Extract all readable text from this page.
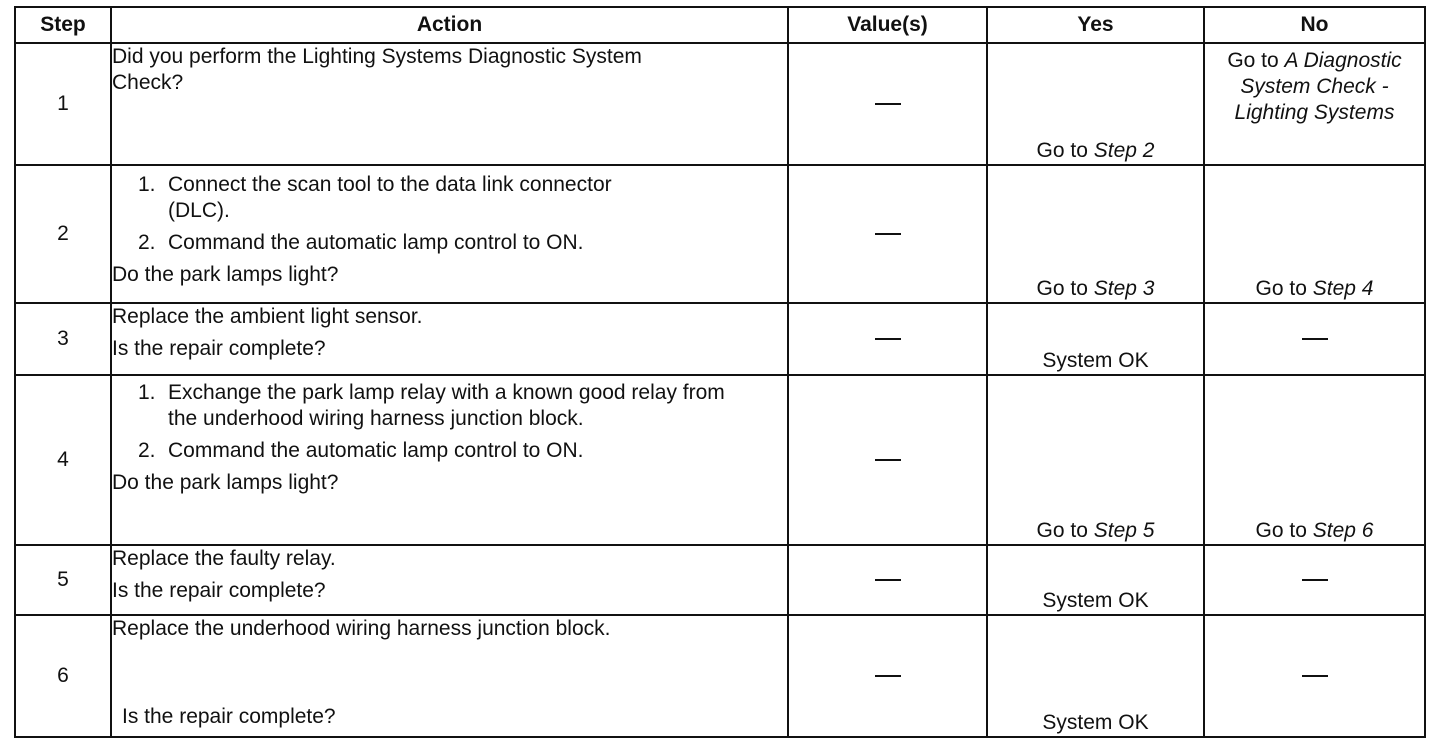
Step	Action	Value(s)	Yes	No
1	Did you perform the Lighting Systems Diagnostic System Check?		Go to Step 2	Go to A Diagnostic System Check - Lighting Systems
2	1. Connect the scan tool to the data link connector (DLC).
2. Command the automatic lamp control to ON.
Do the park lamps light?		Go to Step 3	Go to Step 4
3	Replace the ambient light sensor.
Is the repair complete?		System OK	
4	1. Exchange the park lamp relay with a known good relay from the underhood wiring harness junction block.
2. Command the automatic lamp control to ON.
Do the park lamps light?		Go to Step 5	Go to Step 6
5	Replace the faulty relay.
Is the repair complete?		System OK	
6	Replace the underhood wiring harness junction block.
Is the repair complete?		System OK	
